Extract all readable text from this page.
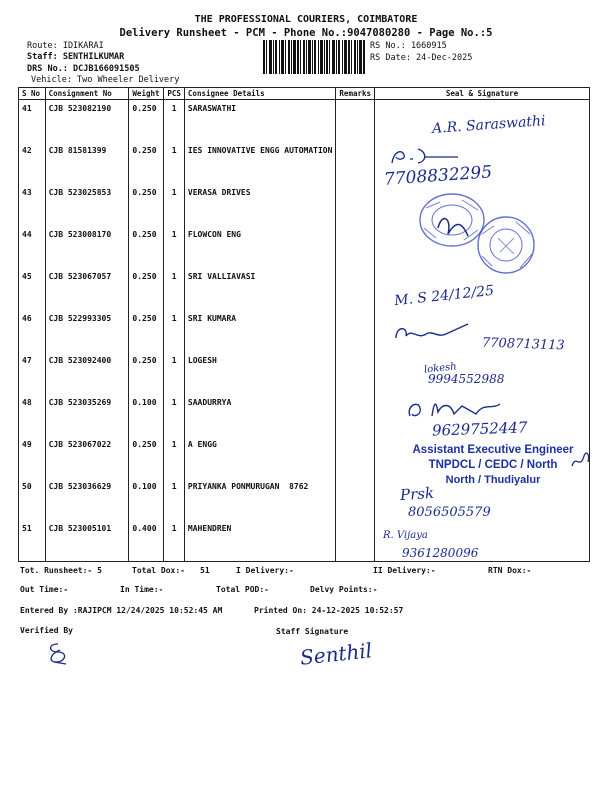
THE PROFESSIONAL COURIERS, COIMBATORE
Delivery Runsheet - PCM - Phone No.:9047080280 - Page No.:5
Route: IDIKARAI
Staff: SENTHILKUMAR
DRS No.: DCJB166091505
Vehicle: Two Wheeler Delivery
RS No.: 1660915
RS Date: 24-Dec-2025
S No	Consignment No	Weight	PCS	Consignee Details	Remarks	Seal & Signature
41	CJB 523082190	0.250	1	SARASWATHI		
42	CJB 81581399	0.250	1	IES INNOVATIVE ENGG AUTOMATION		
43	CJB 523025853	0.250	1	VERASA DRIVES		
44	CJB 523008170	0.250	1	FLOWCON ENG		
45	CJB 523067057	0.250	1	SRI VALLIAVASI		
46	CJB 522993305	0.250	1	SRI KUMARA		
47	CJB 523092400	0.250	1	LOGESH		
48	CJB 523035269	0.100	1	SAADURRYA		
49	CJB 523067022	0.250	1	A ENGG		
50	CJB 523036629	0.100	1	PRIYANKA PONMURUGAN  8762		
51	CJB 523005101	0.400	1	MAHENDREN		
A.R. Saraswathi
7708832295
M. S 24/12/25
7708713113
lokesh
9994552988
9629752447
Assistant Executive Engineer
TNPDCL / CEDC / North
North / Thudiyalur
Prsk
8056505579
R. Vijaya
9361280096
Tot. Runsheet:- 5	Total Dox:- 51	I Delivery:-	II Delivery:-	RTN Dox:-
Out Time:-	In Time:-	Total POD:-	Delvy Points:-
Entered By :RAJIPCM 12/24/2025 10:52:45 AM	Printed On: 24-12-2025 10:52:57
Verified By	Staff Signature
Senthil
